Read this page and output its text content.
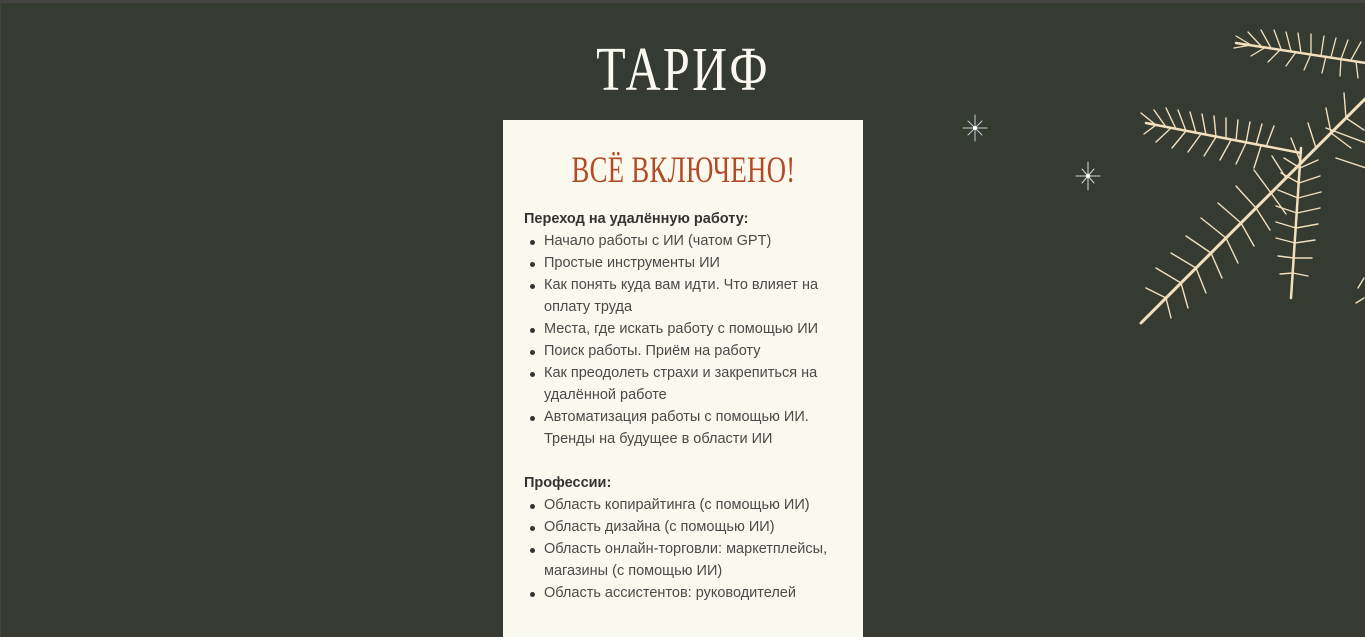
ТАРИФ
ВСЁ ВКЛЮЧЕНО!
Переход на удалённую работу:
Начало работы с ИИ (чатом GPT)
Простые инструменты ИИ
Как понять куда вам идти. Что влияет на оплату труда
Места, где искать работу с помощью ИИ
Поиск работы. Приём на работу
Как преодолеть страхи и закрепиться на удалённой работе
Автоматизация работы с помощью ИИ. Тренды на будущее в области ИИ
Профессии:
Область копирайтинга (с помощью ИИ)
Область дизайна (с помощью ИИ)
Область онлайн-торговли: маркетплейсы, магазины (с помощью ИИ)
Область ассистентов: руководителей
